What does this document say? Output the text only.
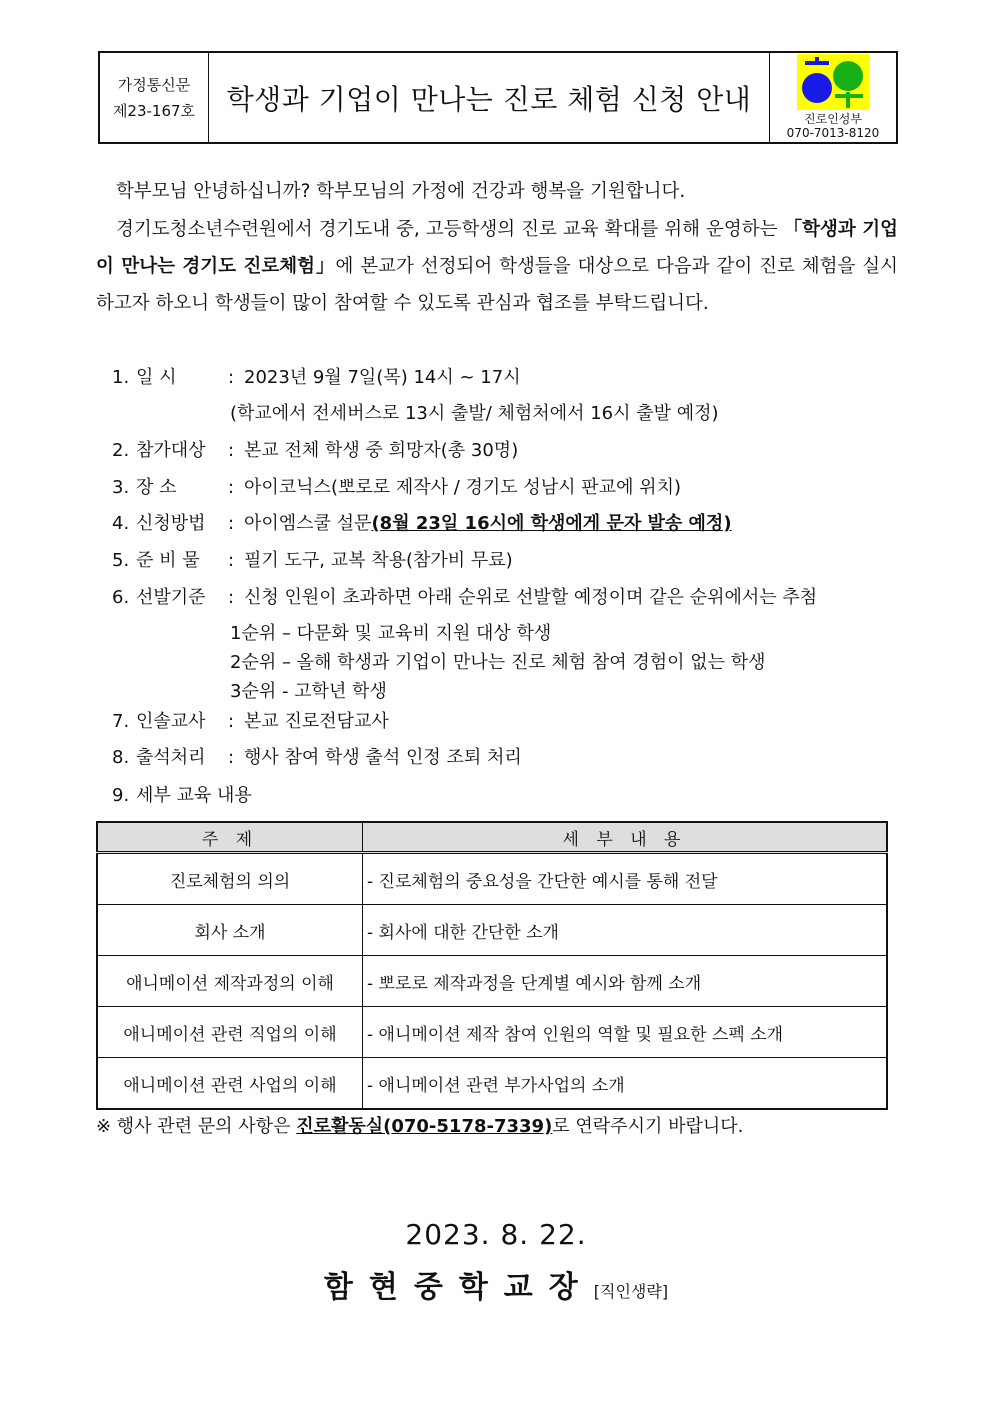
가정통신문
제23-167호	학생과 기업이 만나는 진로 체험 신청 안내
진로인성부
070-7013-8120
학부모님 안녕하십니까? 학부모님의 가정에 건강과 행복을 기원합니다.
경기도청소년수련원에서 경기도내 중, 고등학생의 진로 교육 확대를 위해 운영하는 「학생과 기업이 만나는 경기도 진로체험」에 본교가 선정되어 학생들을 대상으로 다음과 같이 진로 체험을 실시하고자 하오니 학생들이 많이 참여할 수 있도록 관심과 협조를 부탁드립니다.
1. 일 시	: 2023년 9월 7일(목) 14시 ~ 17시
(학교에서 전세버스로 13시 출발/ 체험처에서 16시 출발 예정)
2. 참가대상 : 본교 전체 학생 중 희망자(총 30명)
3. 장 소	: 아이코닉스(뽀로로 제작사 / 경기도 성남시 판교에 위치)
4. 신청방법 : 아이엠스쿨 설문(8월 23일 16시에 학생에게 문자 발송 예정)
5. 준 비 물 : 필기 도구, 교복 착용(참가비 무료)
6. 선발기준 : 신청 인원이 초과하면 아래 순위로 선발할 예정이며 같은 순위에서는 추첨
1순위 – 다문화 및 교육비 지원 대상 학생
2순위 – 올해 학생과 기업이 만나는 진로 체험 참여 경험이 없는 학생
3순위 - 고학년 학생
7. 인솔교사 : 본교 진로전담교사
8. 출석처리 : 행사 참여 학생 출석 인정 조퇴 처리
9. 세부 교육 내용
주 제	세 부 내 용
진로체험의 의의	- 진로체험의 중요성을 간단한 예시를 통해 전달
회사 소개	- 회사에 대한 간단한 소개
애니메이션 제작과정의 이해	- 뽀로로 제작과정을 단계별 예시와 함께 소개
애니메이션 관련 직업의 이해	- 애니메이션 제작 참여 인원의 역할 및 필요한 스펙 소개
애니메이션 관련 사업의 이해	- 애니메이션 관련 부가사업의 소개
※ 행사 관련 문의 사항은 진로활동실(070-5178-7339)로 연락주시기 바랍니다.
2023. 8. 22.
함현중학교장[직인생략]
